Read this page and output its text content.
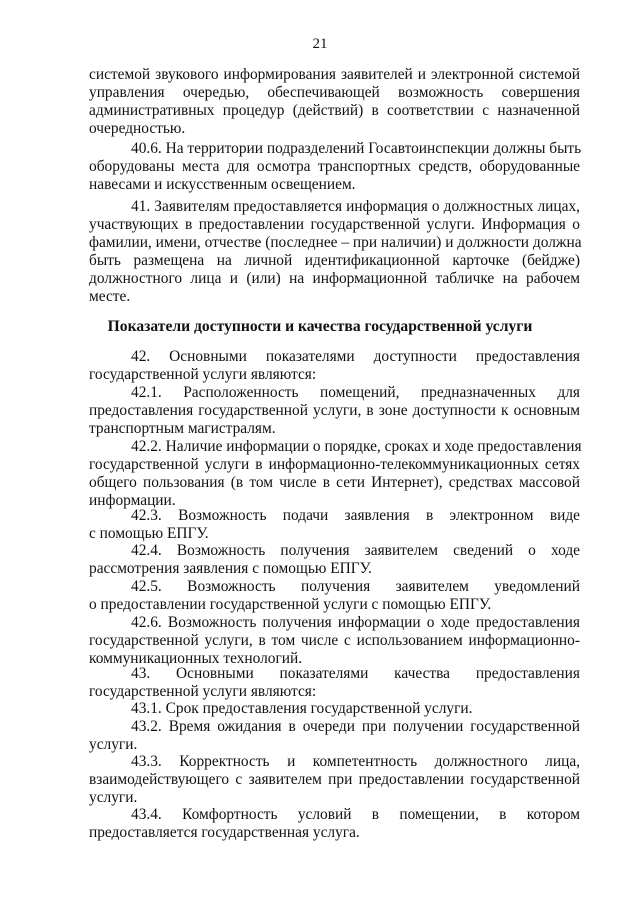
21
системой звукового информирования заявителей и электронной системой
управления очередью, обеспечивающей возможность совершения
административных процедур (действий) в соответствии с назначенной
очередностью.
40.6. На территории подразделений Госавтоинспекции должны быть
оборудованы места для осмотра транспортных средств, оборудованные
навесами и искусственным освещением.
41. Заявителям предоставляется информация о должностных лицах,
участвующих в предоставлении государственной услуги. Информация о
фамилии, имени, отчестве (последнее – при наличии) и должности должна
быть размещена на личной идентификационной карточке (бейдже)
должностного лица и (или) на информационной табличке на рабочем
месте.
Показатели доступности и качества государственной услуги
42. Основными показателями доступности предоставления
государственной услуги являются:
42.1. Расположенность помещений, предназначенных для
предоставления государственной услуги, в зоне доступности к основным
транспортным магистралям.
42.2. Наличие информации о порядке, сроках и ходе предоставления
государственной услуги в информационно-телекоммуникационных сетях
общего пользования (в том числе в сети Интернет), средствах массовой
информации.
42.3. Возможность подачи заявления в электронном виде
с помощью ЕПГУ.
42.4. Возможность получения заявителем сведений о ходе
рассмотрения заявления с помощью ЕПГУ.
42.5. Возможность получения заявителем уведомлений
о предоставлении государственной услуги с помощью ЕПГУ.
42.6. Возможность получения информации о ходе предоставления
государственной услуги, в том числе с использованием информационно-
коммуникационных технологий.
43. Основными показателями качества предоставления
государственной услуги являются:
43.1. Срок предоставления государственной услуги.
43.2. Время ожидания в очереди при получении государственной
услуги.
43.3. Корректность и компетентность должностного лица,
взаимодействующего с заявителем при предоставлении государственной
услуги.
43.4. Комфортность условий в помещении, в котором
предоставляется государственная услуга.
